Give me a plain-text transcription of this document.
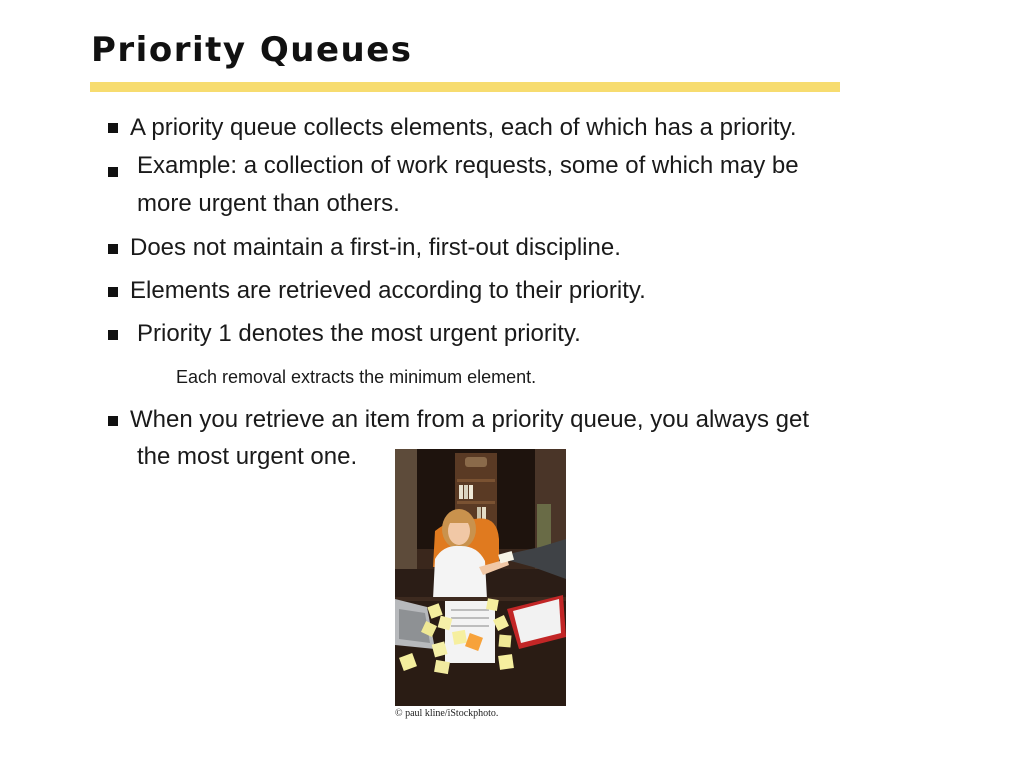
Priority Queues
A priority queue collects elements, each of which has a priority.
Example: a collection of work requests, some of which may be
more urgent than others.
Does not maintain a first-in, first-out discipline.
Elements are retrieved according to their priority.
Priority 1 denotes the most urgent priority.
Each removal extracts the minimum element.
When you retrieve an item from a priority queue, you always get
the most urgent one.
© paul kline/iStockphoto.
